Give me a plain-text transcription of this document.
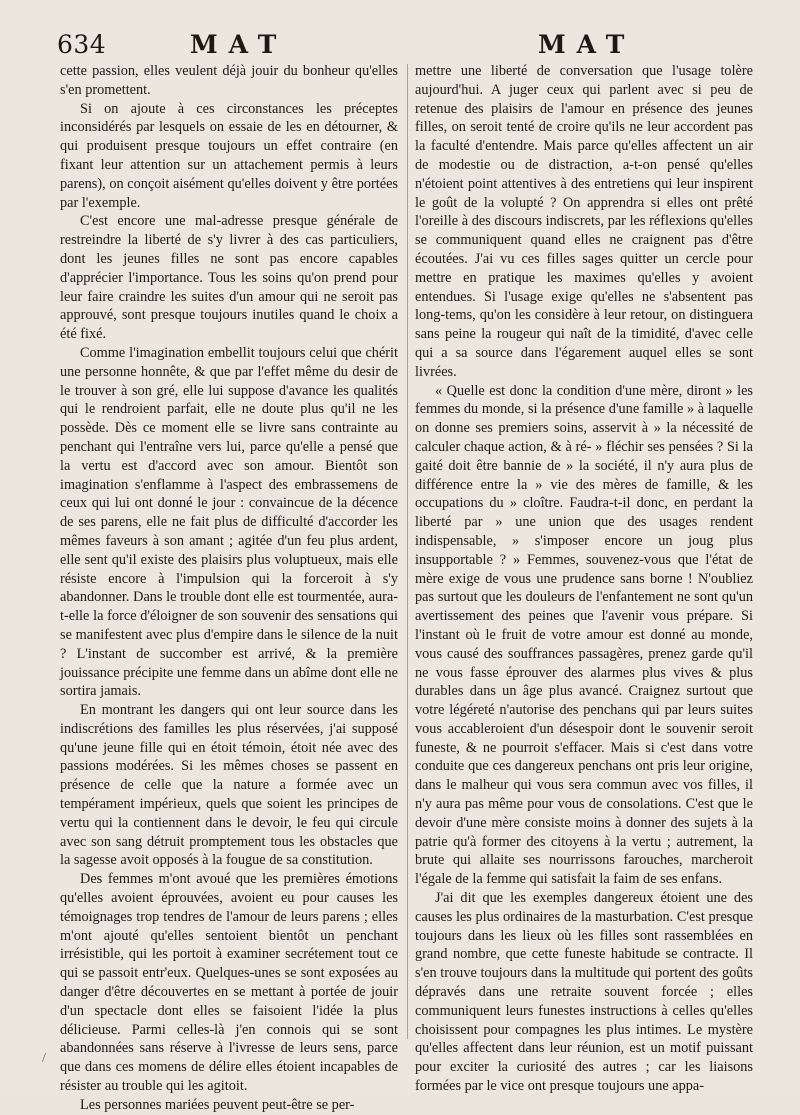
634	MAT	MAT

cette passion, elles veulent déjà jouir du bonheur qu'elles s'en promettent.

Si on ajoute à ces circonstances les préceptes inconsidérés par lesquels on essaie de les en détourner, & qui produisent presque toujours un effet contraire (en fixant leur attention sur un attachement permis à leurs parens), on conçoit aisément qu'elles doivent y être portées par l'exemple.

C'est encore une mal-adresse presque générale de restreindre la liberté de s'y livrer à des cas particuliers, dont les jeunes filles ne sont pas encore capables d'apprécier l'importance. Tous les soins qu'on prend pour leur faire craindre les suites d'un amour qui ne seroit pas approuvé, sont presque toujours inutiles quand le choix a été fixé.

Comme l'imagination embellit toujours celui que chérit une personne honnête, & que par l'effet même du desir de le trouver à son gré, elle lui suppose d'avance les qualités qui le rendroient parfait, elle ne doute plus qu'il ne les possède. Dès ce moment elle se livre sans contrainte au penchant qui l'entraîne vers lui, parce qu'elle a pensé que la vertu est d'accord avec son amour. Bientôt son imagination s'enflamme à l'aspect des embrassemens de ceux qui lui ont donné le jour : convaincue de la décence de ses parens, elle ne fait plus de difficulté d'accorder les mêmes faveurs à son amant ; agitée d'un feu plus ardent, elle sent qu'il existe des plaisirs plus voluptueux, mais elle résiste encore à l'impulsion qui la forceroit à s'y abandonner. Dans le trouble dont elle est tourmentée, aura-t-elle la force d'éloigner de son souvenir des sensations qui se manifestent avec plus d'empire dans le silence de la nuit ? L'instant de succomber est arrivé, & la première jouissance précipite une femme dans un abîme dont elle ne sortira jamais.

En montrant les dangers qui ont leur source dans les indiscrétions des familles les plus réservées, j'ai supposé qu'une jeune fille qui en étoit témoin, étoit née avec des passions modérées. Si les mêmes choses se passent en présence de celle que la nature a formée avec un tempérament impérieux, quels que soient les principes de vertu qui la contiennent dans le devoir, le feu qui circule avec son sang détruit promptement tous les obstacles que la sagesse avoit opposés à la fougue de sa constitution.

Des femmes m'ont avoué que les premières émotions qu'elles avoient éprouvées, avoient eu pour causes les témoignages trop tendres de l'amour de leurs parens ; elles m'ont ajouté qu'elles sentoient bientôt un penchant irrésistible, qui les portoit à examiner secrétement tout ce qui se passoit entr'eux. Quelques-unes se sont exposées au danger d'être découvertes en se mettant à portée de jouir d'un spectacle dont elles se faisoient l'idée la plus délicieuse. Parmi celles-là j'en connois qui se sont abandonnées sans réserve à l'ivresse de leurs sens, parce que dans ces momens de délire elles étoient incapables de résister au trouble qui les agitoit.

Les personnes mariées peuvent peut-être se per-

mettre une liberté de conversation que l'usage tolère aujourd'hui. A juger ceux qui parlent avec si peu de retenue des plaisirs de l'amour en présence des jeunes filles, on seroit tenté de croire qu'ils ne leur accordent pas la faculté d'entendre. Mais parce qu'elles affectent un air de modestie ou de distraction, a-t-on pensé qu'elles n'étoient point attentives à des entretiens qui leur inspirent le goût de la volupté ? On apprendra si elles ont prêté l'oreille à des discours indiscrets, par les réflexions qu'elles se communiquent quand elles ne craignent pas d'être écoutées. J'ai vu ces filles sages quitter un cercle pour mettre en pratique les maximes qu'elles y avoient entendues. Si l'usage exige qu'elles ne s'absentent pas long-tems, qu'on les considère à leur retour, on distinguera sans peine la rougeur qui naît de la timidité, d'avec celle qui a sa source dans l'égarement auquel elles se sont livrées.

« Quelle est donc la condition d'une mère, diront » les femmes du monde, si la présence d'une famille » à laquelle on donne ses premiers soins, asservit à » la nécessité de calculer chaque action, & à ré- » fléchir ses pensées ? Si la gaité doit être bannie de » la société, il n'y aura plus de différence entre la » vie des mères de famille, & les occupations du » cloître. Faudra-t-il donc, en perdant la liberté par » une union que des usages rendent indispensable, » s'imposer encore un joug plus insupportable ? » Femmes, souvenez-vous que l'état de mère exige de vous une prudence sans borne ! N'oubliez pas surtout que les douleurs de l'enfantement ne sont qu'un avertissement des peines que l'avenir vous prépare. Si l'instant où le fruit de votre amour est donné au monde, vous causé des souffrances passagères, prenez garde qu'il ne vous fasse éprouver des alarmes plus vives & plus durables dans un âge plus avancé. Craignez surtout que votre légéreté n'autorise des penchans qui par leurs suites vous accableroient d'un désespoir dont le souvenir seroit funeste, & ne pourroit s'effacer. Mais si c'est dans votre conduite que ces dangereux penchans ont pris leur origine, dans le malheur qui vous sera commun avec vos filles, il n'y aura pas même pour vous de consolations. C'est que le devoir d'une mère consiste moins à donner des sujets à la patrie qu'à former des citoyens à la vertu ; autrement, la brute qui allaite ses nourrissons farouches, marcheroit l'égale de la femme qui satisfait la faim de ses enfans.

J'ai dit que les exemples dangereux étoient une des causes les plus ordinaires de la masturbation. C'est presque toujours dans les lieux où les filles sont rassemblées en grand nombre, que cette funeste habitude se contracte. Il s'en trouve toujours dans la multitude qui portent des goûts dépravés dans une retraite souvent forcée ; elles communiquent leurs funestes instructions à celles qu'elles choisissent pour compagnes les plus intimes. Le mystère qu'elles affectent dans leur réunion, est un motif puissant pour exciter la curiosité des autres ; car les liaisons formées par le vice ont presque toujours une appa-

/
